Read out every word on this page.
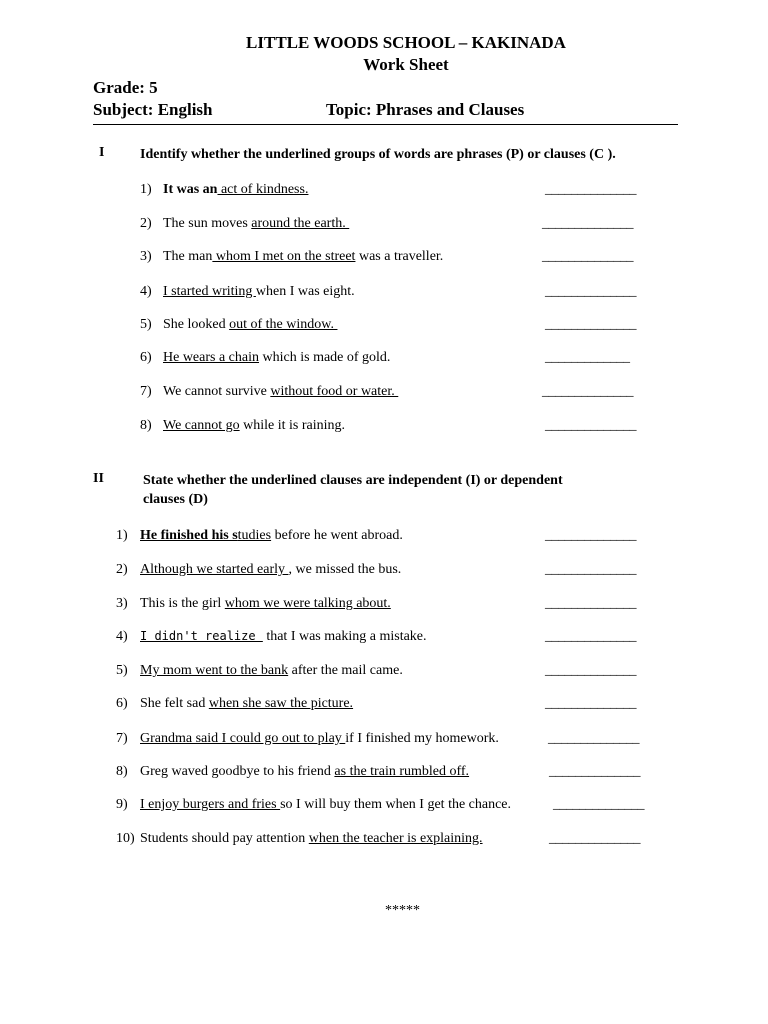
LITTLE WOODS SCHOOL – KAKINADA
Work Sheet
Grade: 5
Subject: English	Topic: Phrases and Clauses
I	Identify whether the underlined groups of words are phrases (P) or clauses (C ).
1) It was an act of kindness.	______________
2) The sun moves around the earth.	______________
3) The man whom I met on the street was a traveller.	______________
4) I started writing when I was eight.	______________
5) She looked out of the window.	______________
6) He wears a chain which is made of gold.	_____________
7) We cannot survive without food or water.	______________
8) We cannot go while it is raining.	______________
II	State whether the underlined clauses are independent (I) or dependent
clauses (D)
1) He finished his studies before he went abroad.	______________
2) Although we started early , we missed the bus.	______________
3) This is the girl whom we were talking about.	______________
4) I didn't realize  that I was making a mistake.	______________
5) My mom went to the bank after the mail came.	______________
6) She felt sad when she saw the picture.	______________
7) Grandma said I could go out to play if I finished my homework.	______________
8) Greg waved goodbye to his friend as the train rumbled off.	______________
9) I enjoy burgers and fries so I will buy them when I get the chance.	______________
10) Students should pay attention when the teacher is explaining.	______________
*****
